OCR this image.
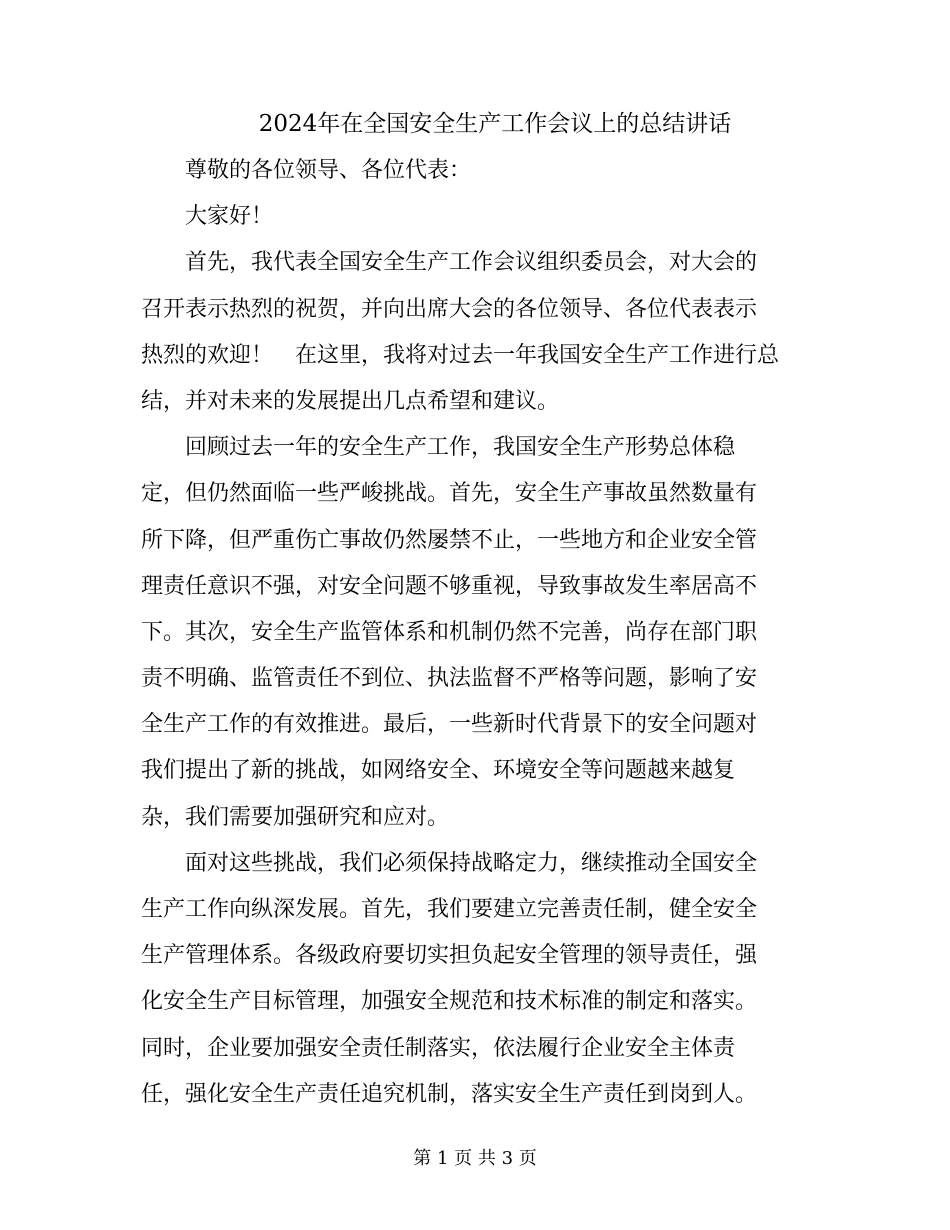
2024年在全国安全生产工作会议上的总结讲话
　　尊敬的各位领导、各位代表：
　　大家好！
　　首先，我代表全国安全生产工作会议组织委员会，对大会的
召开表示热烈的祝贺，并向出席大会的各位领导、各位代表表示
热烈的欢迎！　在这里，我将对过去一年我国安全生产工作进行总
结，并对未来的发展提出几点希望和建议。
　　回顾过去一年的安全生产工作，我国安全生产形势总体稳
定，但仍然面临一些严峻挑战。首先，安全生产事故虽然数量有
所下降，但严重伤亡事故仍然屡禁不止，一些地方和企业安全管
理责任意识不强，对安全问题不够重视，导致事故发生率居高不
下。其次，安全生产监管体系和机制仍然不完善，尚存在部门职
责不明确、监管责任不到位、执法监督不严格等问题，影响了安
全生产工作的有效推进。最后，一些新时代背景下的安全问题对
我们提出了新的挑战，如网络安全、环境安全等问题越来越复
杂，我们需要加强研究和应对。
　　面对这些挑战，我们必须保持战略定力，继续推动全国安全
生产工作向纵深发展。首先，我们要建立完善责任制，健全安全
生产管理体系。各级政府要切实担负起安全管理的领导责任，强
化安全生产目标管理，加强安全规范和技术标准的制定和落实。
同时，企业要加强安全责任制落实，依法履行企业安全主体责
任，强化安全生产责任追究机制，落实安全生产责任到岗到人。
第 1 页 共 3 页
